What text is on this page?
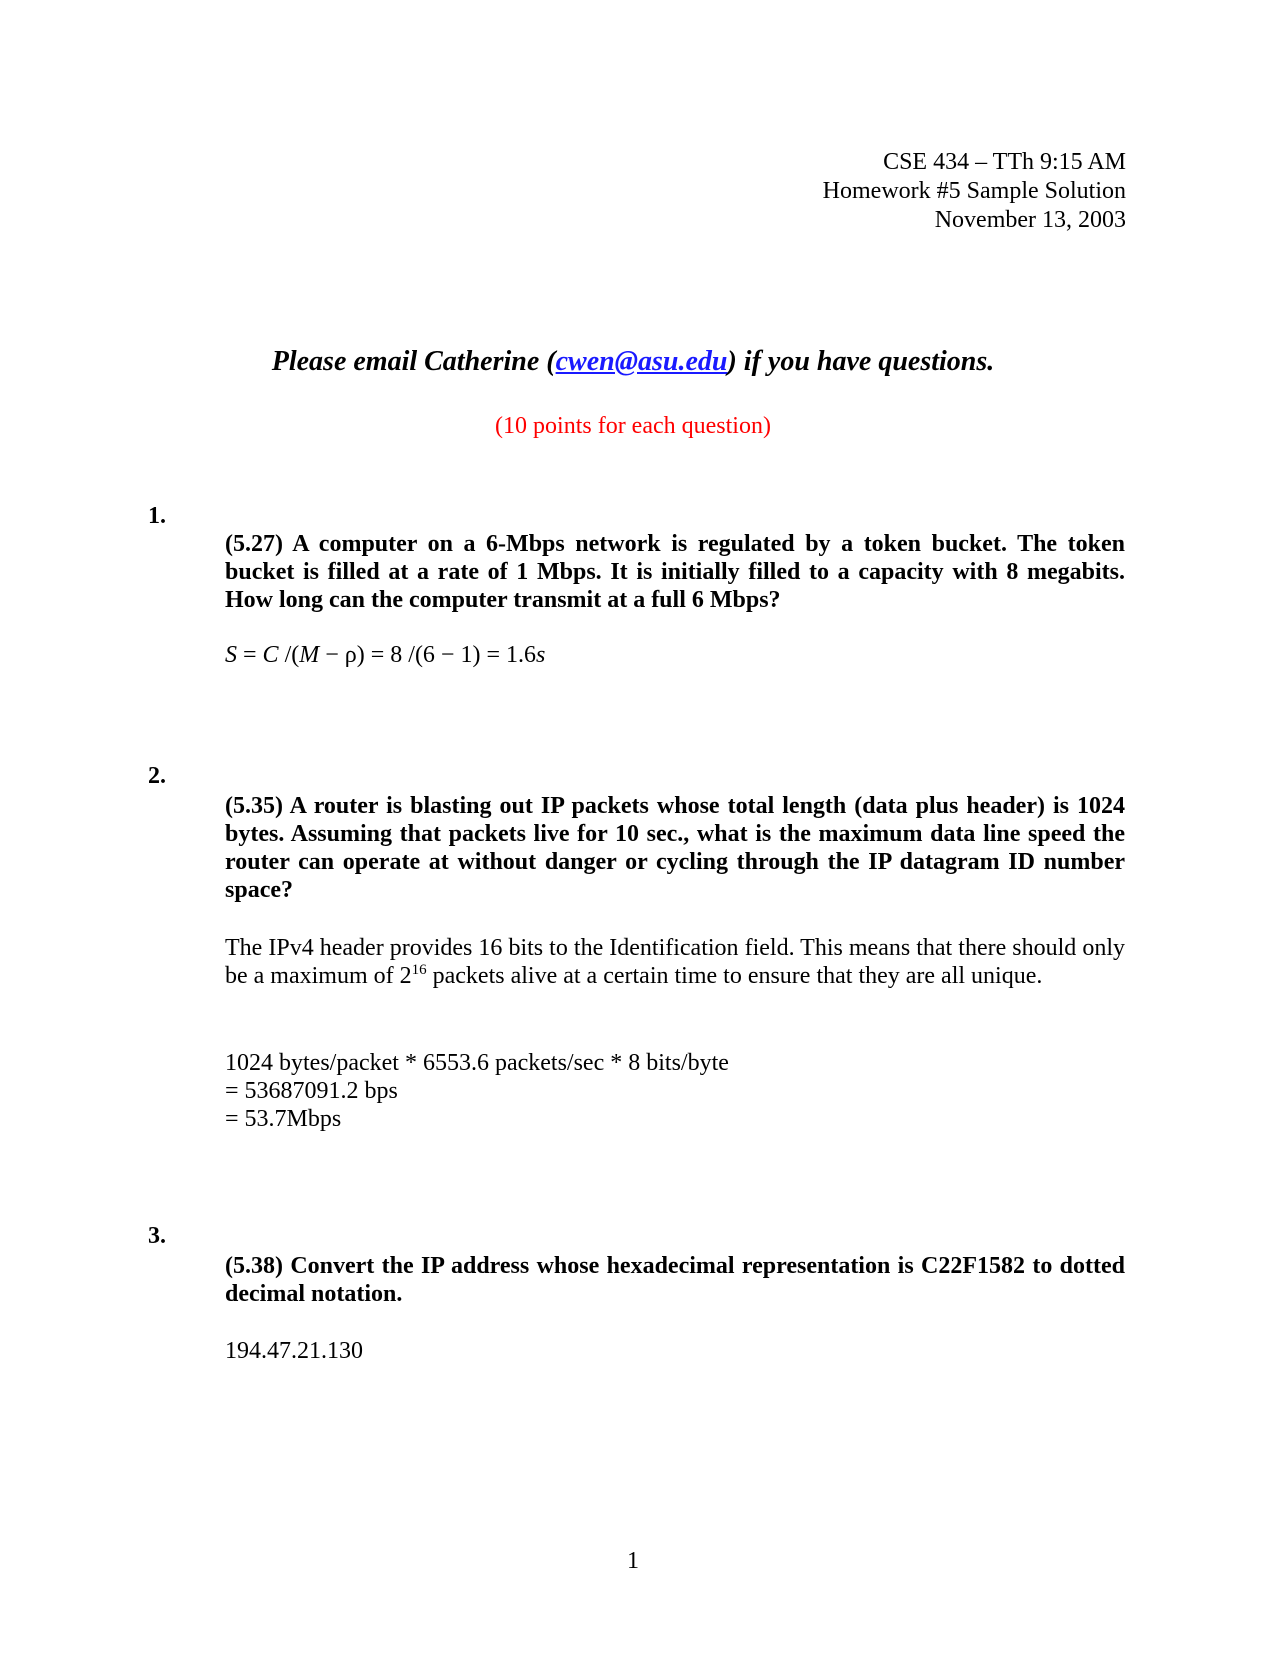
CSE 434 – TTh 9:15 AM
Homework #5 Sample Solution
November 13, 2003
Please email Catherine (cwen@asu.edu) if you have questions.
(10 points for each question)
1.
(5.27) A computer on a 6-Mbps network is regulated by a token bucket. The token bucket is filled at a rate of 1 Mbps. It is initially filled to a capacity with 8 megabits. How long can the computer transmit at a full 6 Mbps?
S = C /(M − ρ) = 8 /(6 − 1) = 1.6s
2.
(5.35) A router is blasting out IP packets whose total length (data plus header) is 1024 bytes. Assuming that packets live for 10 sec., what is the maximum data line speed the router can operate at without danger or cycling through the IP datagram ID number space?
The IPv4 header provides 16 bits to the Identification field. This means that there should only be a maximum of $2^{16}$ packets alive at a certain time to ensure that they are all unique.
1024 bytes/packet * 6553.6 packets/sec * 8 bits/byte
= 53687091.2 bps
= 53.7Mbps
3.
(5.38) Convert the IP address whose hexadecimal representation is C22F1582 to dotted decimal notation.
194.47.21.130
1
